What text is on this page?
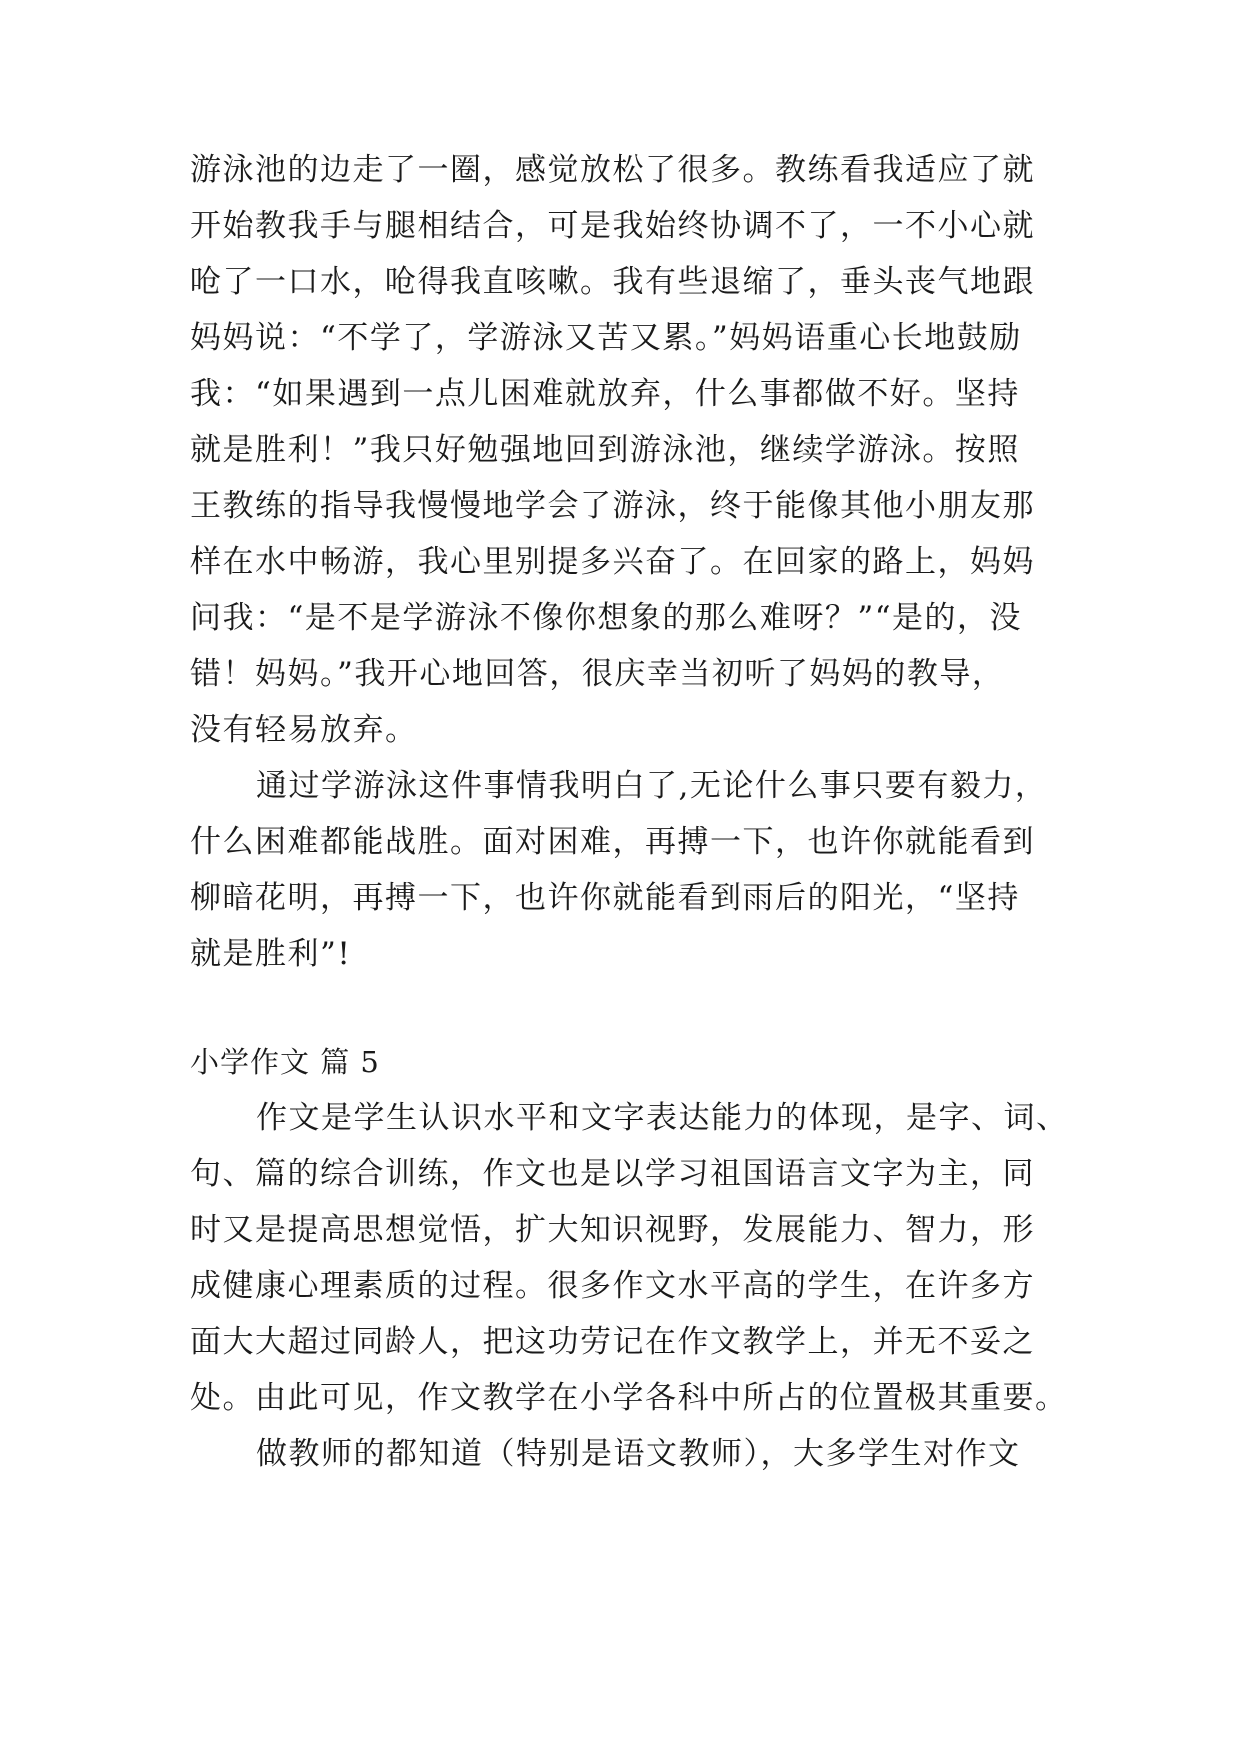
游泳池的边走了一圈，感觉放松了很多。教练看我适应了就
开始教我手与腿相结合，可是我始终协调不了，一不小心就
呛了一口水，呛得我直咳嗽。我有些退缩了，垂头丧气地跟
妈妈说：“不学了，学游泳又苦又累。”妈妈语重心长地鼓励
我：“如果遇到一点儿困难就放弃，什么事都做不好。坚持
就是胜利！”我只好勉强地回到游泳池，继续学游泳。按照
王教练的指导我慢慢地学会了游泳，终于能像其他小朋友那
样在水中畅游，我心里别提多兴奋了。在回家的路上，妈妈
问我：“是不是学游泳不像你想象的那么难呀？”“是的，没
错！妈妈。”我开心地回答，很庆幸当初听了妈妈的教导，
没有轻易放弃。
通过学游泳这件事情我明白了,无论什么事只要有毅力，
什么困难都能战胜。面对困难，再搏一下，也许你就能看到
柳暗花明，再搏一下，也许你就能看到雨后的阳光，“坚持
就是胜利”!
小学作文 篇 5
作文是学生认识水平和文字表达能力的体现，是字、词、
句、篇的综合训练，作文也是以学习祖国语言文字为主，同
时又是提高思想觉悟，扩大知识视野，发展能力、智力，形
成健康心理素质的过程。很多作文水平高的学生，在许多方
面大大超过同龄人，把这功劳记在作文教学上，并无不妥之
处。由此可见，作文教学在小学各科中所占的位置极其重要。
做教师的都知道（特别是语文教师），大多学生对作文
